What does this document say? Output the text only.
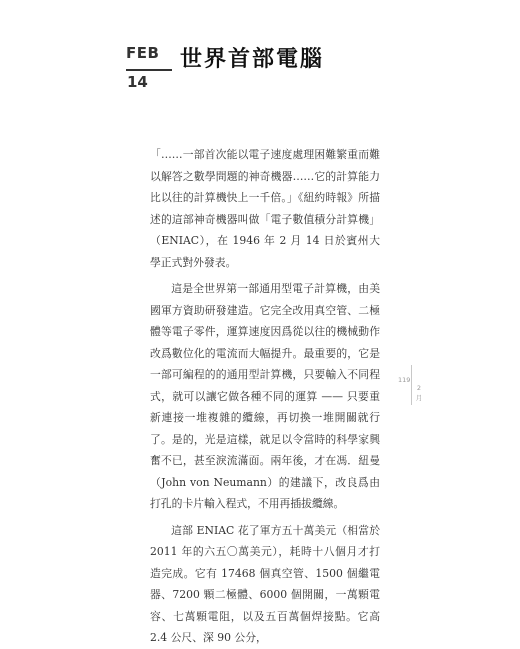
FEB
14
世界首部電腦

「……一部首次能以電子速度處理困難繁重而難以解答之數學問題的神奇機器……它的計算能力比以往的計算機快上一千倍。」《紐約時報》所描述的這部神奇機器叫做「電子數值積分計算機」（ENIAC），在 1946 年 2 月 14 日於賓州大學正式對外發表。

這是全世界第一部通用型電子計算機，由美國軍方資助研發建造。它完全改用真空管、二極體等電子零件，運算速度因爲從以往的機械動作改爲數位化的電流而大幅提升。最重要的，它是一部可編程的的通用型計算機，只要輸入不同程式，就可以讓它做各種不同的運算 —— 只要重新連接一堆複雜的纜線，再切換一堆開關就行了。是的，光是這樣，就足以令當時的科學家興奮不已，甚至淚流滿面。兩年後，才在馮．紐曼（John von Neumann）的建議下，改良爲由打孔的卡片輸入程式，不用再插拔纜線。

這部 ENIAC 花了軍方五十萬美元（相當於 2011 年的六五〇萬美元），耗時十八個月才打造完成。它有 17468 個真空管、1500 個繼電器、7200 顆二極體、6000 個開關，一萬顆電容、七萬顆電阻，以及五百萬個焊接點。它高 2.4 公尺、深 90 公分，

119
2月
